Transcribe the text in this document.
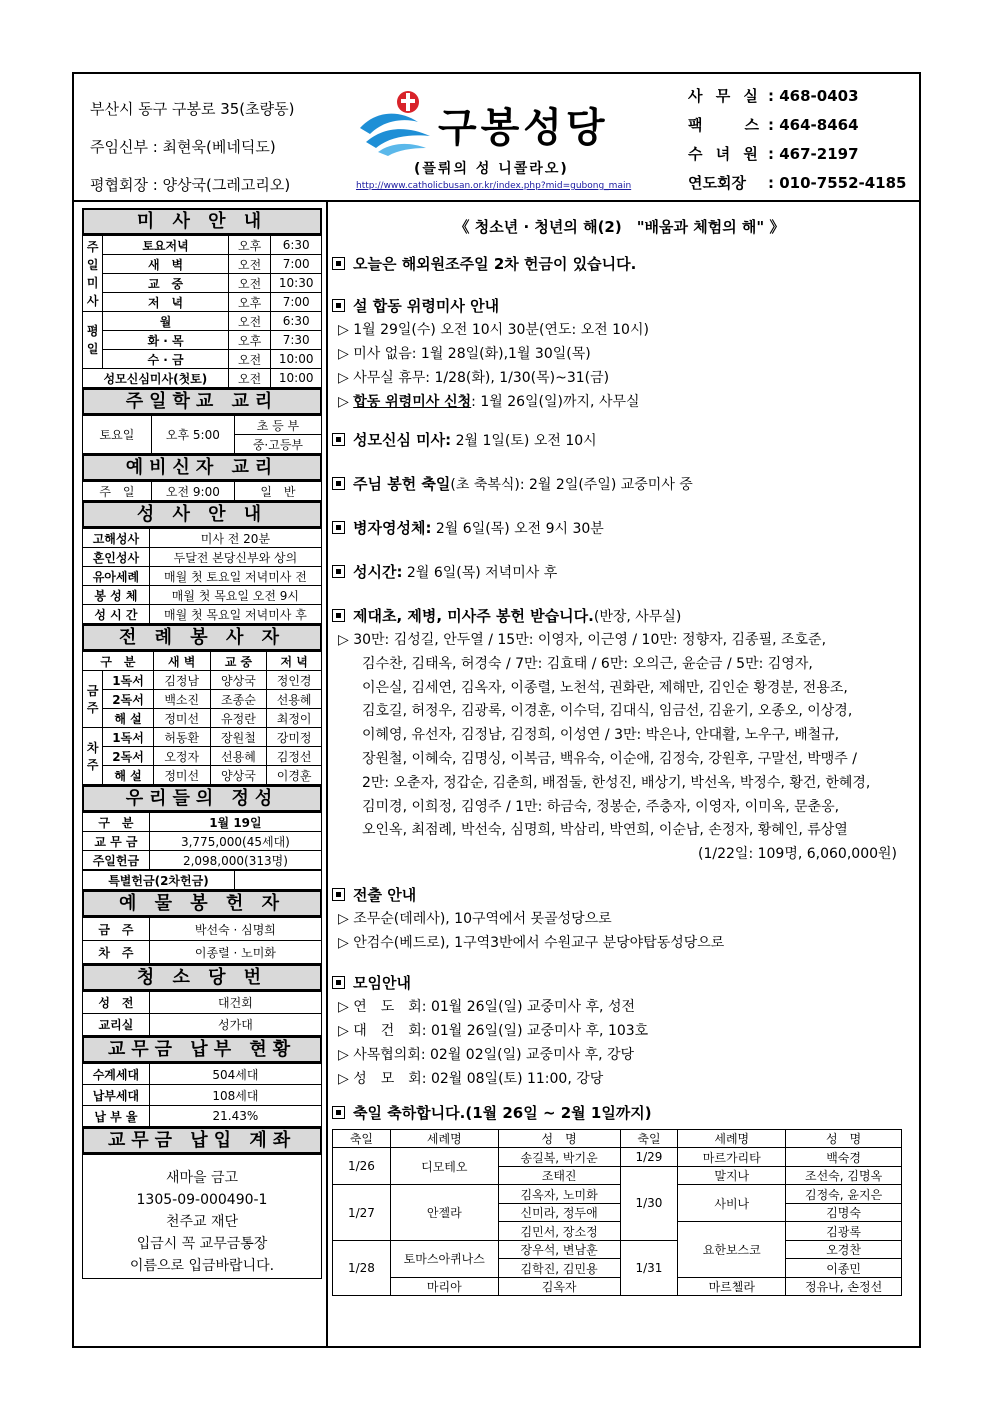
부산시 동구 구봉로 35(초량동)
주임신부 : 최현욱(베네딕도)
평협회장 : 양상국(그레고리오)
구봉성당
(플뤼의 성 니콜라오)
http://www.catholicbusan.or.kr/index.php?mid=gubong_main
사 무 실 : 468-0403
팩　　스 : 464-8464
수 녀 원 : 467-2197
연도회장	: 010-7552-4185
미 사 안 내
주
일
미
사	토요저녁	오후	6:30
	새　벽	오전	7:00
	교　중	오전	10:30
	저　녁	오후	7:00
평
일	월	오전	6:30
	화 · 목	오후	7:30
	수 · 금	오전	10:00
성모신심미사(첫토)		오전	10:00
주일학교 교리
토요일	오후 5:00	초 등 부
중·고등부
예비신자 교리
주　일	오전 9:00	일　반
성 사 안 내
고해성사	미사 전 20분
혼인성사	두달전 본당신부와 상의
유아세례	매월 첫 토요일 저녁미사 전
봉 성 체	매월 첫 목요일 오전 9시
성 시 간	매월 첫 목요일 저녁미사 후
전 례 봉 사 자
구　분		새 벽	교 중	저 녁
금
주	1독서	김정남	양상국	정인경
	2독서	백소진	조종순	선용혜
	해 설	정미선	유정란	최정이
차
주	1독서	허동환	장원철	강미정
	2독서	오정자	선용혜	김정선
	해 설	정미선	양상국	이경훈
우리들의 정성
구　분	1월 19일
교 무 금	3,775,000(45세대)
주일헌금	2,098,000(313명)
특별헌금(2차헌금)	
예 물 봉 헌 자
금　주	박선숙 · 심명희
차　주	이종렬 · 노미화
청 소 당 번
성　전	대건회
교리실	성가대
교무금 납부 현황
수계세대	504세대
납부세대	108세대
납 부 율	21.43%
교무금 납입 계좌
새마을 금고
1305-09-000490-1
천주교 재단
입금시 꼭 교무금통장
이름으로 입금바랍니다.
《 청소년 · 청년의 해(2)　"배움과 체험의 해" 》
오늘은 해외원조주일 2차 헌금이 있습니다.
설 합동 위령미사 안내
▷ 1월 29일(수) 오전 10시 30분(연도: 오전 10시)
▷ 미사 없음: 1월 28일(화),1월 30일(목)
▷ 사무실 휴무: 1/28(화), 1/30(목)~31(금)
▷ 합동 위령미사 신청: 1월 26일(일)까지, 사무실
성모신심 미사: 2월 1일(토) 오전 10시
주님 봉헌 축일(초 축복식): 2월 2일(주일) 교중미사 중
병자영성체: 2월 6일(목) 오전 9시 30분
성시간: 2월 6일(목) 저녁미사 후
제대초, 제병, 미사주 봉헌 받습니다.(반장, 사무실)
▷ 30만: 김성길, 안두열 / 15만: 이영자, 이근영 / 10만: 정향자, 김종필, 조호준,
김수찬, 김태옥, 허경숙 / 7만: 김효태 / 6만: 오의근, 윤순금 / 5만: 김영자,
이은실, 김세연, 김옥자, 이종렬, 노천석, 권화란, 제해만, 김인순 황경분, 전용조,
김호길, 허정우, 김광록, 이경훈, 이수덕, 김대식, 임금선, 김윤기, 오종오, 이상경,
이혜영, 유선자, 김정남, 김정희, 이성연 / 3만: 박은나, 안대활, 노우구, 배철규,
장원철, 이혜숙, 김명싱, 이복금, 백유숙, 이순애, 김정숙, 강원후, 구말선, 박맹주 /
2만: 오춘자, 정갑순, 김춘희, 배점둘, 한성진, 배상기, 박선옥, 박정수, 황건, 한혜경,
김미경, 이희정, 김영주 / 1만: 하금숙, 정봉순, 주충자, 이영자, 이미옥, 문춘옹,
오인옥, 최점례, 박선숙, 심명희, 박삼리, 박연희, 이순남, 손정자, 황혜인, 류상열
(1/22일: 109명, 6,060,000원)
전출 안내
▷ 조무순(데레사), 10구역에서 못골성당으로
▷ 안검수(베드로), 1구역3반에서 수원교구 분당야탑동성당으로
모임안내
▷ 연　도　회: 01월 26일(일) 교중미사 후, 성전
▷ 대　건　회: 01월 26일(일) 교중미사 후, 103호
▷ 사목협의회: 02월 02일(일) 교중미사 후, 강당
▷ 성　모　회: 02월 08일(토) 11:00, 강당
축일 축하합니다.(1월 26일 ~ 2월 1일까지)
축일	세례명	성　명	축일	세례명	성　명
1/26	디모테오	송길복, 박기운	1/29	마르가리타	백숙경
		조태진	1/30	말지나	조선숙, 김명옥
1/27	안젤라	김옥자, 노미화		사비나	김정숙, 윤지은
		신미라, 정두애			김명숙
		김민서, 장소정		요한보스코	김광록
1/28	토마스아퀴나스	장우석, 변남훈	1/31		오경찬
		김학진, 김민용			이종민
	마리아	김옥자		마르첼라	정유나, 손정선
